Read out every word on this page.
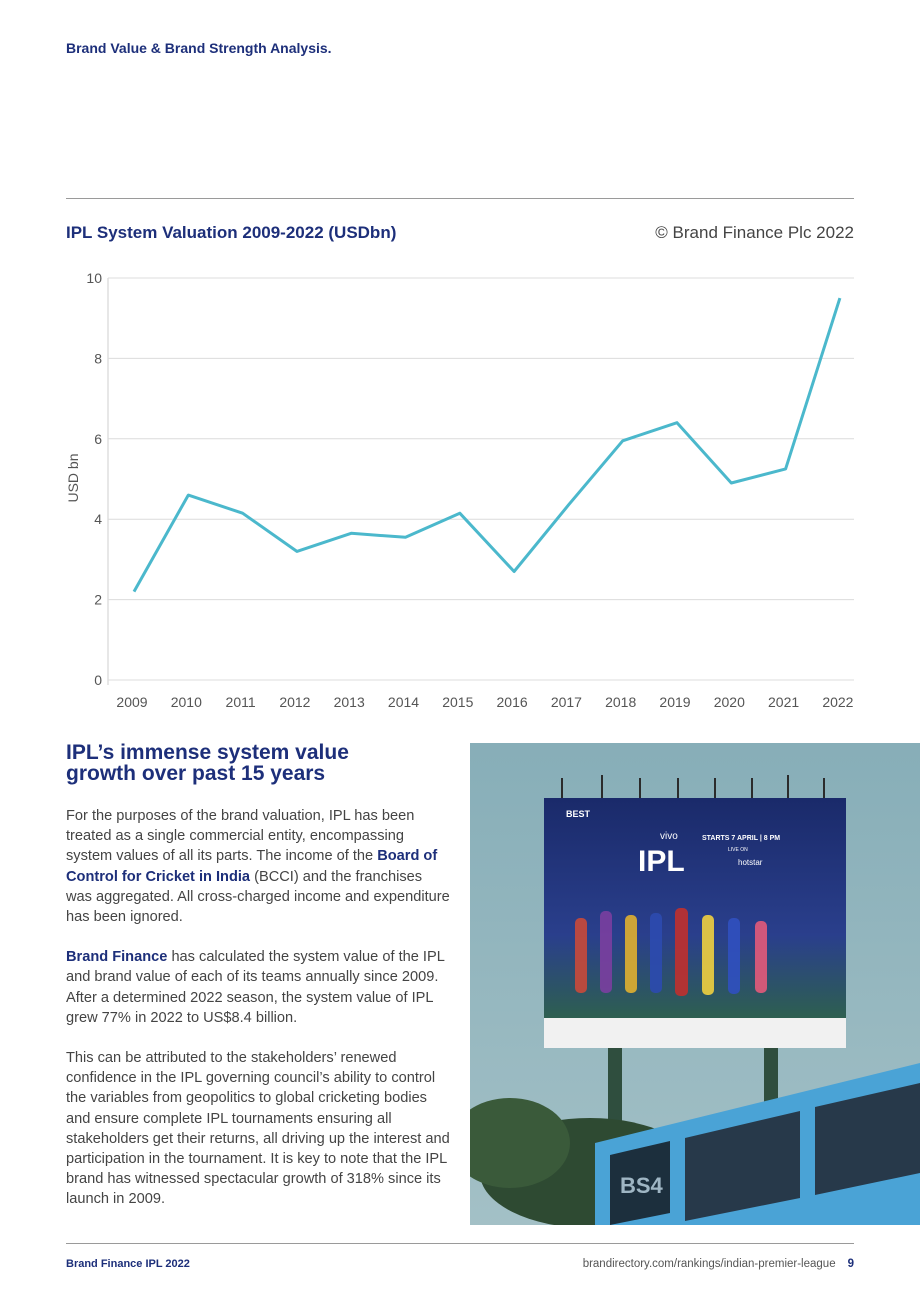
Brand Value & Brand Strength Analysis.
IPL System Valuation 2009-2022 (USDbn)	© Brand Finance Plc 2022
0
2
4
6
8
10
2009 2010 2011 2012 2013 2014 2015 2016 2017 2018 2019 2020 2021 2022
USD bn
IPL’s immense system value
growth over past 15 years

For the purposes of the brand valuation, IPL has been treated as a single commercial entity, encompassing system values of all its parts. The income of the Board of Control for Cricket in India (BCCI) and the franchises was aggregated. All cross-charged income and expenditure has been ignored.

Brand Finance has calculated the system value of the IPL and brand value of each of its teams annually since 2009. After a determined 2022 season, the system value of IPL grew 77% in 2022 to US$8.4 billion.

This can be attributed to the stakeholders’ renewed confidence in the IPL governing council’s ability to control the variables from geopolitics to global cricketing bodies and ensure complete IPL tournaments ensuring all stakeholders get their returns, all driving up the interest and participation in the tournament. It is key to note that the IPL brand has witnessed spectacular growth of 318% since its launch in 2009.

BEST
vivo
IPL
STARTS 7 APRIL | 8 PM
LIVE ON
hotstar
BS4
Brand Finance IPL 2022	brandirectory.com/rankings/indian-premier-league 9
